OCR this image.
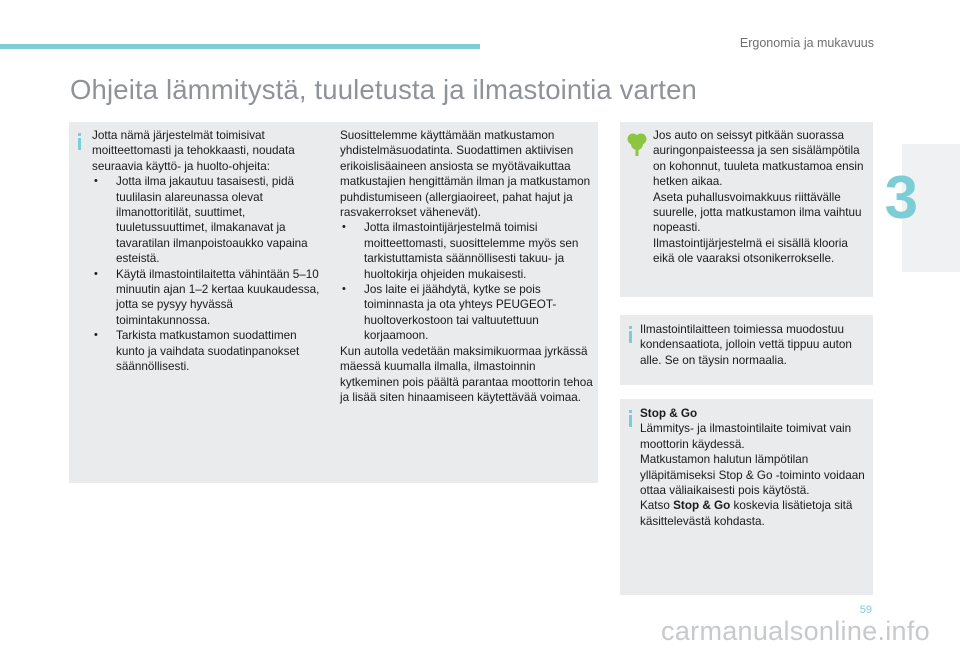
Ergonomia ja mukavuus
3
Ohjeita lämmitystä, tuuletusta ja ilmastointia varten

Jotta nämä järjestelmät toimisivat moitteettomasti ja tehokkaasti, noudata seuraavia käyttö- ja huolto-ohjeita:

• Jotta ilma jakautuu tasaisesti, pidä tuulilasin alareunassa olevat ilmanottoritilät, suuttimet, tuuletussuuttimet, ilmakanavat ja tavaratilan ilmanpoistoaukko vapaina esteistä.

• Käytä ilmastointilaitetta vähintään 5–10 minuutin ajan 1–2 kertaa kuukaudessa, jotta se pysyy hyvässä toimintakunnossa.

• Tarkista matkustamon suodattimen kunto ja vaihdata suodatinpanokset säännöllisesti.

Suosittelemme käyttämään matkustamon yhdistelmäsuodatinta. Suodattimen aktiivisen erikoislisäaineen ansiosta se myötävaikuttaa matkustajien hengittämän ilman ja matkustamon puhdistumiseen (allergiaoireet, pahat hajut ja rasvakerrokset vähenevät).

• Jotta ilmastointijärjestelmä toimisi moitteettomasti, suosittelemme myös sen tarkistuttamista säännöllisesti takuu- ja huoltokirja ohjeiden mukaisesti.

• Jos laite ei jäähdytä, kytke se pois toiminnasta ja ota yhteys PEUGEOT-huoltoverkostoon tai valtuutettuun korjaamoon.

Kun autolla vedetään maksimikuormaa jyrkässä mäessä kuumalla ilmalla, ilmastoinnin kytkeminen pois päältä parantaa moottorin tehoa ja lisää siten hinaamiseen käytettävää voimaa.

Jos auto on seissyt pitkään suorassa auringonpaisteessa ja sen sisälämpötila on kohonnut, tuuleta matkustamoa ensin hetken aikaa.

Aseta puhallusvoimakkuus riittävälle suurelle, jotta matkustamon ilma vaihtuu nopeasti.

Ilmastointijärjestelmä ei sisällä klooria eikä ole vaaraksi otsonikerrokselle.

Ilmastointilaitteen toimiessa muodostuu kondensaatiota, jolloin vettä tippuu auton alle. Se on täysin normaalia.

Stop & Go

Lämmitys- ja ilmastointilaite toimivat vain moottorin käydessä.

Matkustamon halutun lämpötilan ylläpitämiseksi Stop & Go -toiminto voidaan ottaa väliaikaisesti pois käytöstä.

Katso Stop & Go koskevia lisätietoja sitä käsittelevästä kohdasta.

59
carmanualsonline.info
